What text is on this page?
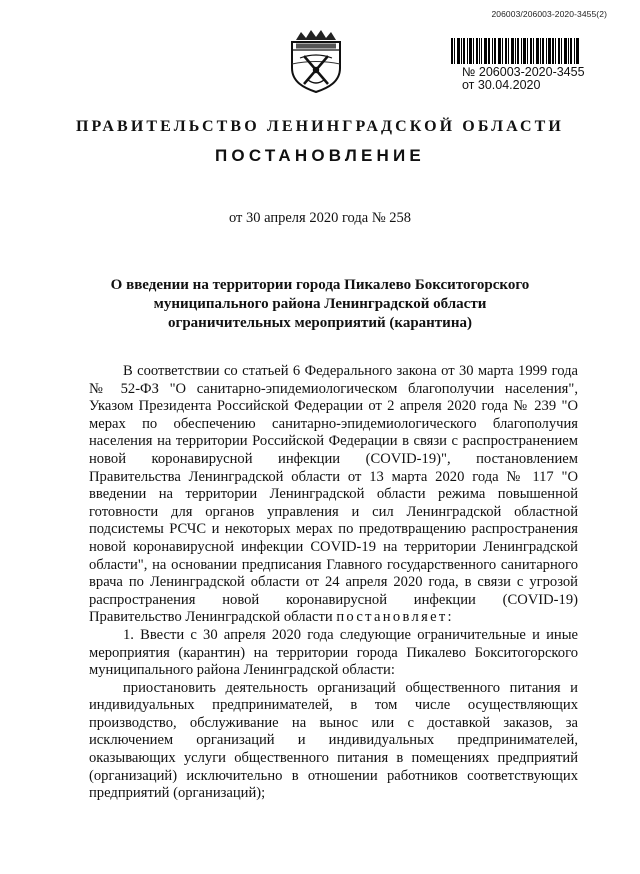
206003/206003-2020-3455(2)
№ 206003-2020-3455
от 30.04.2020
ПРАВИТЕЛЬСТВО ЛЕНИНГРАДСКОЙ ОБЛАСТИ
ПОСТАНОВЛЕНИЕ
от 30 апреля 2020 года № 258
О введении на территории города Пикалево Бокситогорского муниципального района Ленинградской области ограничительных мероприятий (карантина)

В соответствии со статьей 6 Федерального закона от 30 марта 1999 года № 52-ФЗ "О санитарно-эпидемиологическом благополучии населения", Указом Президента Российской Федерации от 2 апреля 2020 года № 239 "О мерах по обеспечению санитарно-эпидемиологического благополучия населения на территории Российской Федерации в связи с распространением новой коронавирусной инфекции (COVID-19)", постановлением Правительства Ленинградской области от 13 марта 2020 года № 117 "О введении на территории Ленинградской области режима повышенной готовности для органов управления и сил Ленинградской областной подсистемы РСЧС и некоторых мерах по предотвращению распространения новой коронавирусной инфекции COVID-19 на территории Ленинградской области", на основании предписания Главного государственного санитарного врача по Ленинградской области от 24 апреля 2020 года, в связи с угрозой распространения новой коронавирусной инфекции (COVID-19) Правительство Ленинградской области постановляет:

1. Ввести с 30 апреля 2020 года следующие ограничительные и иные мероприятия (карантин) на территории города Пикалево Бокситогорского муниципального района Ленинградской области:

приостановить деятельность организаций общественного питания и индивидуальных предпринимателей, в том числе осуществляющих производство, обслуживание на вынос или с доставкой заказов, за исключением организаций и индивидуальных предпринимателей, оказывающих услуги общественного питания в помещениях предприятий (организаций) исключительно в отношении работников соответствующих предприятий (организаций);
